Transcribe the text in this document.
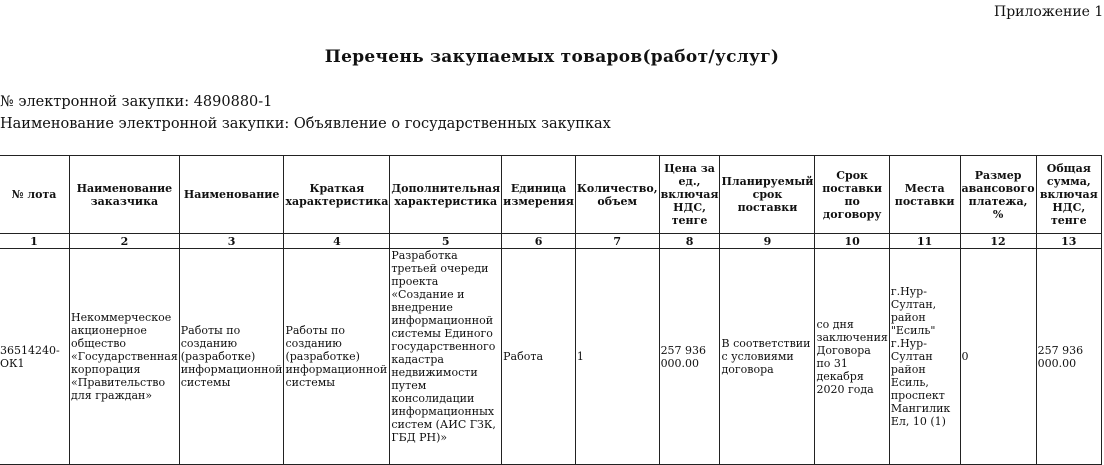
Приложение 1
Перечень закупаемых товаров(работ/услуг)
№ электронной закупки: 4890880-1
Наименование электронной закупки: Объявление о государственных закупках
№ лота	Наименование заказчика	Наименование	Краткая характеристика	Дополнительная характеристика	Единица измерения	Количество, объем	Цена за ед., включая НДС, тенге	Планируемый срок поставки	Срок поставки по договору	Места поставки	Размер авансового платежа, %	Общая сумма, включая НДС, тенге
1	2	3	4	5	6	7	8	9	10	11	12	13
36514240-ОК1	Некоммерческое акционерное общество «Государственная корпорация «Правительство для граждан»	Работы по созданию (разработке) информационной системы	Работы по созданию (разработке) информационной системы	Разработка третьей очереди проекта «Создание и внедрение информационной системы Единого государственного кадастра недвижимости путем консолидации информационных систем (АИС ГЗК, ГБД РН)»	Работа	1	257 936 000.00	В соответствии с условиями договора	со дня заключения Договора по 31 декабря 2020 года	г.Нур-Султан, район "Есиль" г.Нур-Султан район Есиль, проспект Мангилик Ел, 10 (1)	0	257 936 000.00
